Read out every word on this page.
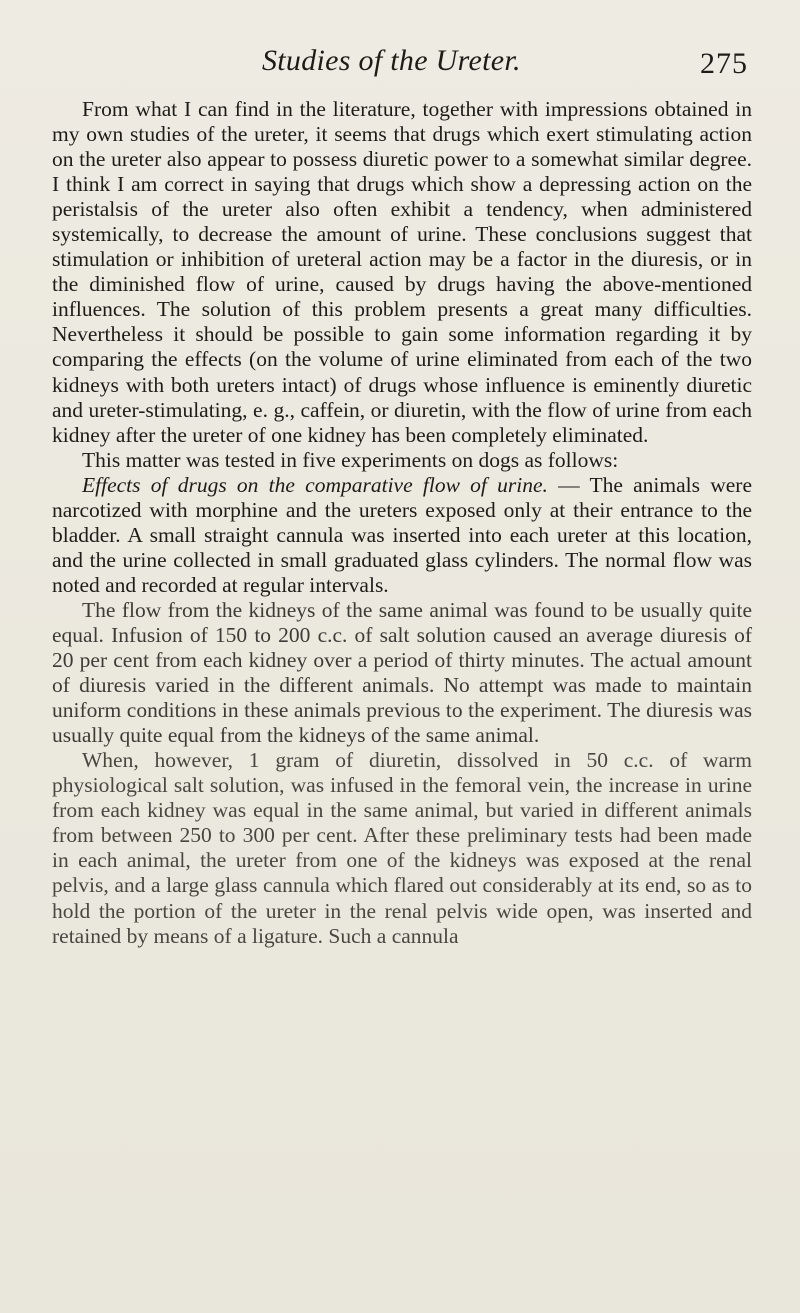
Studies of the Ureter.	275

From what I can find in the literature, together with impressions obtained in my own studies of the ureter, it seems that drugs which exert stimulating action on the ureter also appear to possess diuretic power to a somewhat similar degree. I think I am correct in saying that drugs which show a depressing action on the peristalsis of the ureter also often exhibit a tendency, when administered systemically, to decrease the amount of urine. These conclusions suggest that stimulation or inhibition of ureteral action may be a factor in the diuresis, or in the diminished flow of urine, caused by drugs having the above-mentioned influences. The solution of this problem presents a great many difficulties. Nevertheless it should be possible to gain some information regarding it by comparing the effects (on the volume of urine eliminated from each of the two kidneys with both ureters intact) of drugs whose influence is eminently diuretic and ureter-stimulating, e. g., caffein, or diuretin, with the flow of urine from each kidney after the ureter of one kidney has been completely eliminated.

This matter was tested in five experiments on dogs as follows:

Effects of drugs on the comparative flow of urine. — The animals were narcotized with morphine and the ureters exposed only at their entrance to the bladder. A small straight cannula was inserted into each ureter at this location, and the urine collected in small graduated glass cylinders. The normal flow was noted and recorded at regular intervals.

The flow from the kidneys of the same animal was found to be usually quite equal. Infusion of 150 to 200 c.c. of salt solution caused an average diuresis of 20 per cent from each kidney over a period of thirty minutes. The actual amount of diuresis varied in the different animals. No attempt was made to maintain uniform conditions in these animals previous to the experiment. The diuresis was usually quite equal from the kidneys of the same animal.

When, however, 1 gram of diuretin, dissolved in 50 c.c. of warm physiological salt solution, was infused in the femoral vein, the increase in urine from each kidney was equal in the same animal, but varied in different animals from between 250 to 300 per cent. After these preliminary tests had been made in each animal, the ureter from one of the kidneys was exposed at the renal pelvis, and a large glass cannula which flared out considerably at its end, so as to hold the portion of the ureter in the renal pelvis wide open, was inserted and retained by means of a ligature. Such a cannula
